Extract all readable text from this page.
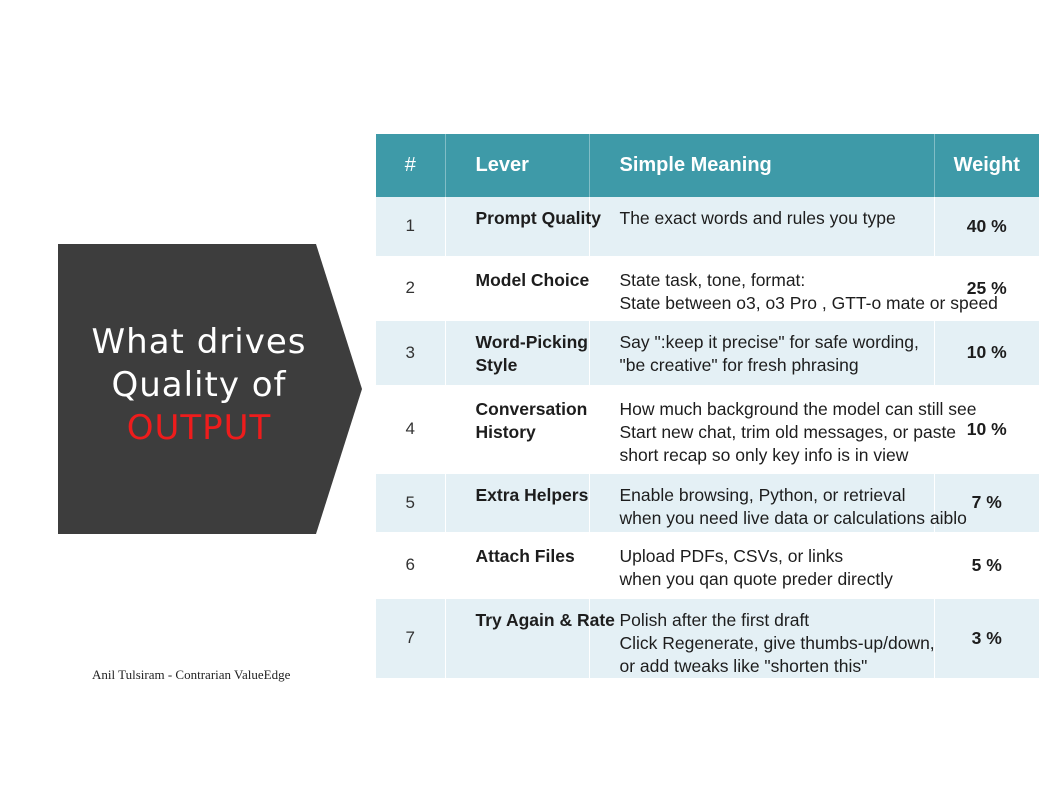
What drives
Quality of
OUTPUT
#	Lever	Simple Meaning	Weight
1	Prompt Quality	The exact words and rules you type	40 %
2	Model Choice	State task, tone, format:
State between o3, o3 Pro , GTT-o mate or speed	25 %
3	Word-Picking
Style	Say ":keep it precise" for safe wording,
"be creative" for fresh phrasing	10 %
4	Conversation
History	How much background the model can still see
Start new chat, trim old messages, or paste
short recap so only key info is in view	10 %
5	Extra Helpers	Enable browsing, Python, or retrieval
when you need live data or calculations aiblo	7 %
6	Attach Files	Upload PDFs, CSVs, or links
when you qan quote preder directly	5 %
7	Try Again & Rate	Polish after the first draft
Click Regenerate, give thumbs-up/down,
or add tweaks like "shorten this"	3 %
Anil Tulsiram - Contrarian ValueEdge
